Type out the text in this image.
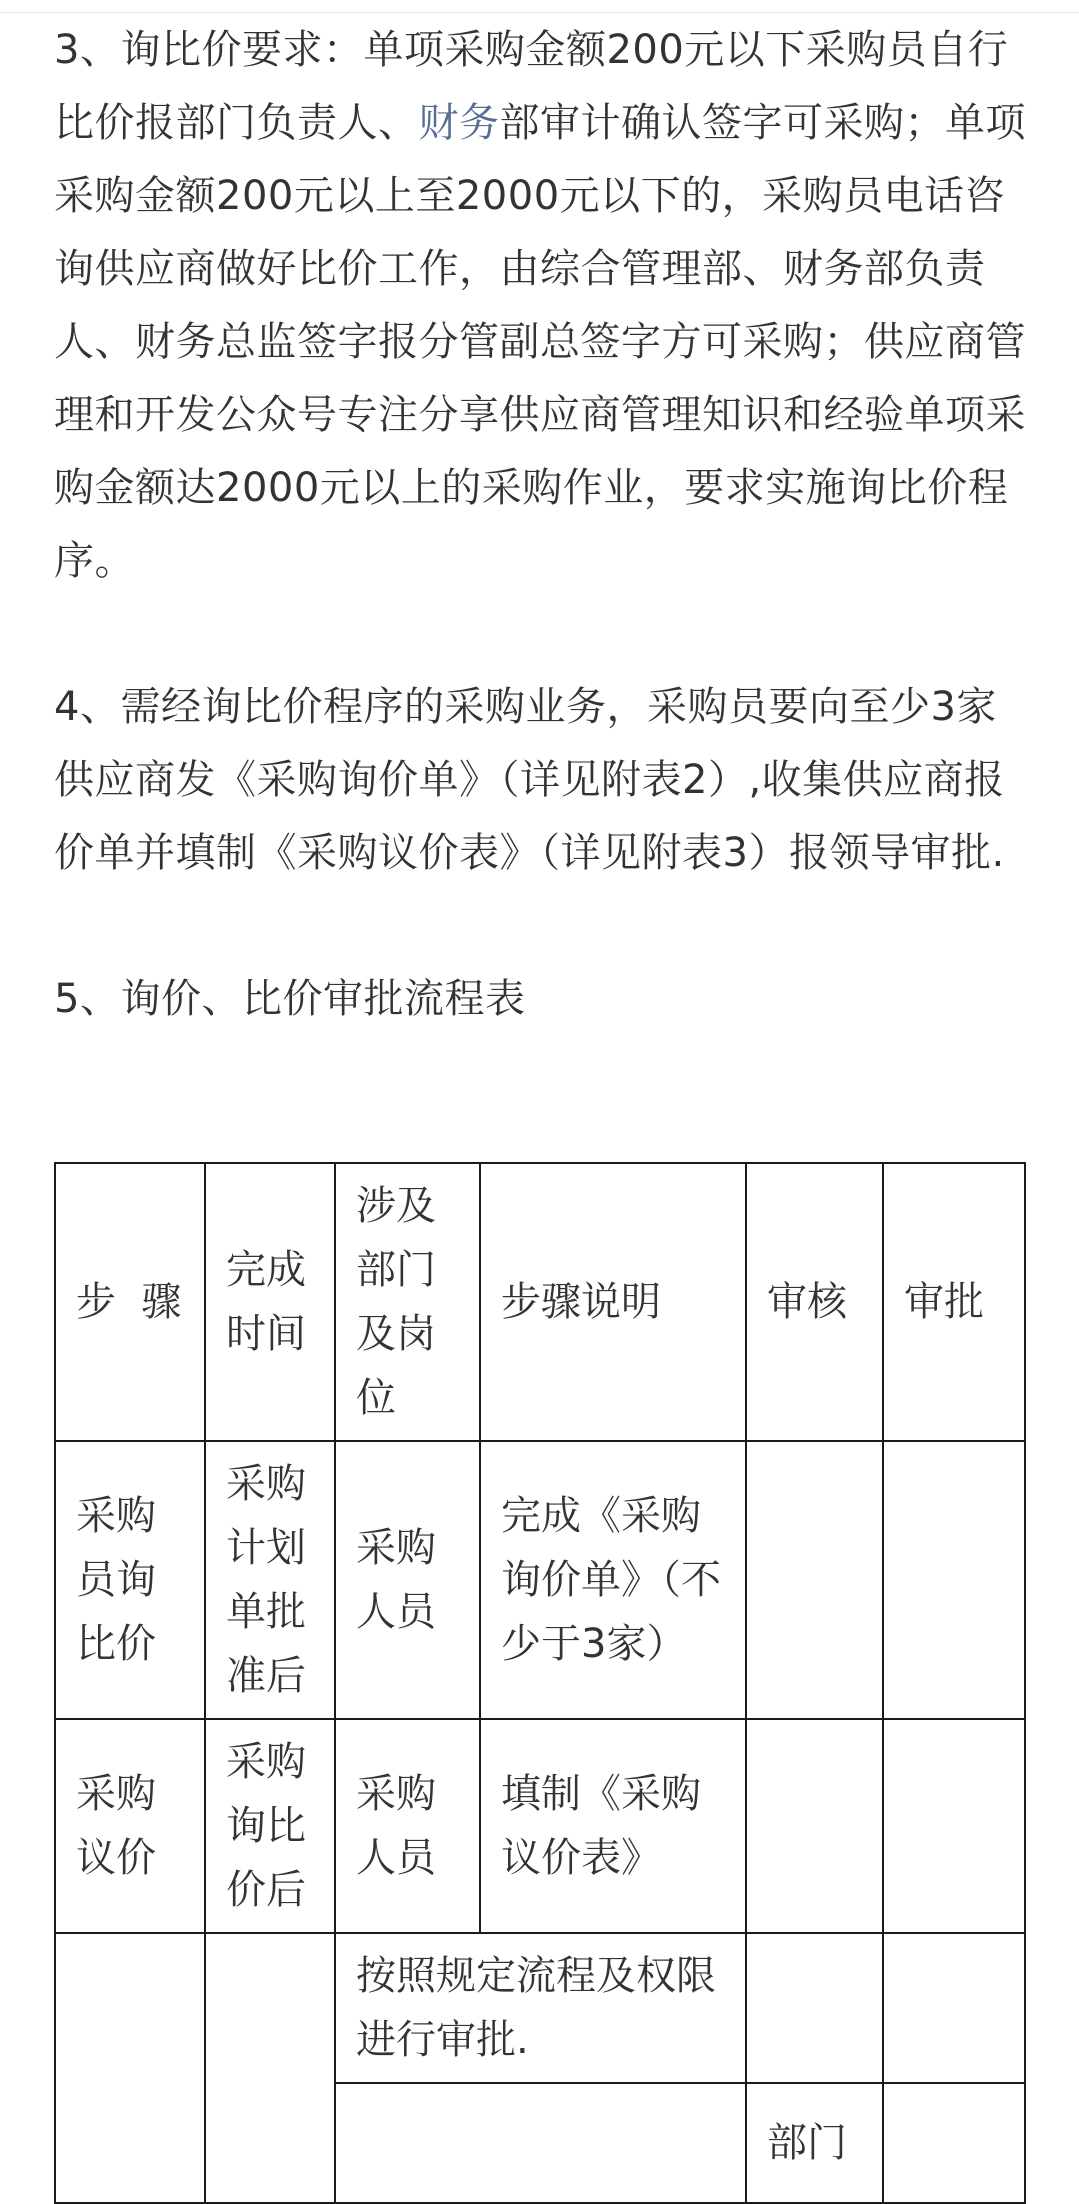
3、询比价要求：单项采购金额200元以下采购员自行比价报部门负责人、财务部审计确认签字可采购；单项采购金额200元以上至2000元以下的，采购员电话咨询供应商做好比价工作，由综合管理部、财务部负责人、财务总监签字报分管副总签字方可采购；供应商管理和开发公众号专注分享供应商管理知识和经验单项采购金额达2000元以上的采购作业，要求实施询比价程序。

4、需经询比价程序的采购业务，采购员要向至少3家供应商发《采购询价单》（详见附表2）,收集供应商报价单并填制《采购议价表》（详见附表3）报领导审批.

5、询价、比价审批流程表

步  骤	完成时间	涉及部门及岗位	步骤说明	审核	审批
采购员询比价	采购计划单批准后	采购人员	完成《采购询价单》（不少于3家）		
采购议价	采购询比价后	采购人员	填制《采购议价表》		
		按照规定流程及权限进行审批.			
				部门	
